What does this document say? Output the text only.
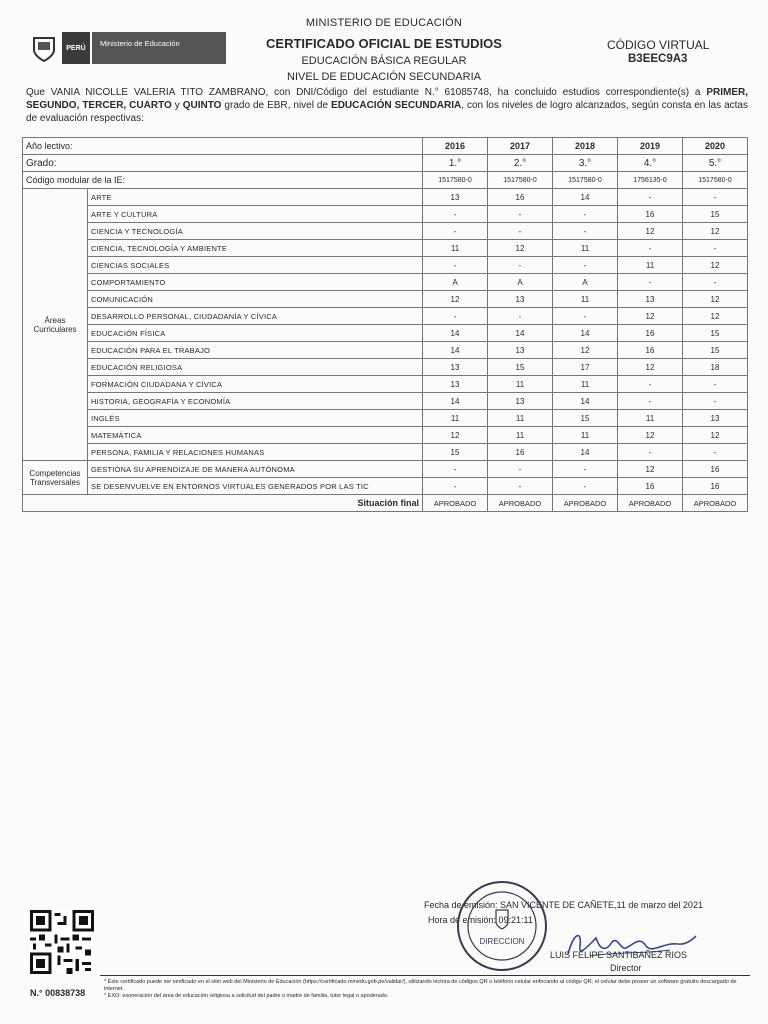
PERÚ	Ministerio de Educación
MINISTERIO DE EDUCACIÓN
CERTIFICADO OFICIAL DE ESTUDIOS
EDUCACIÓN BÁSICA REGULAR
NIVEL DE EDUCACIÓN SECUNDARIA
CÓDIGO VIRTUAL
B3EEC9A3
Que VANIA NICOLLE VALERIA TITO ZAMBRANO, con DNI/Código del estudiante N.° 61085748, ha concluido estudios correspondiente(s) a PRIMER, SEGUNDO, TERCER, CUARTO y QUINTO grado de EBR, nivel de EDUCACIÓN SECUNDARIA, con los niveles de logro alcanzados, según consta en las actas de evaluación respectivas:
Año lectivo:		2016	2017	2018	2019	2020
Grado:		1.°	2.°	3.°	4.°	5.°
Código modular de la IE:		1517580-0	1517580-0	1517580-0	1756135-0	1517580-0
Áreas Curriculares	ARTE	13	16	14	-	-
	ARTE Y CULTURA	-	-	-	16	15
	CIENCIA Y TECNOLOGÍA	-	-	-	12	12
	CIENCIA, TECNOLOGÍA Y AMBIENTE	11	12	11	-	-
	CIENCIAS SOCIALES	-	-	-	11	12
	COMPORTAMIENTO	A	A	A	-	-
	COMUNICACIÓN	12	13	11	13	12
	DESARROLLO PERSONAL, CIUDADANÍA Y CÍVICA	-	-	-	12	12
	EDUCACIÓN FÍSICA	14	14	14	16	15
	EDUCACIÓN PARA EL TRABAJO	14	13	12	16	15
	EDUCACIÓN RELIGIOSA	13	15	17	12	18
	FORMACIÓN CIUDADANA Y CÍVICA	13	11	11	-	-
	HISTORIA, GEOGRAFÍA Y ECONOMÍA	14	13	14	-	-
	INGLÉS	11	11	15	11	13
	MATEMÁTICA	12	11	11	12	12
	PERSONA, FAMILIA Y RELACIONES HUMANAS	15	16	14	-	-
Competencias Transversales	GESTIONA SU APRENDIZAJE DE MANERA AUTÓNOMA	-	-	-	12	16
	SE DESENVUELVE EN ENTORNOS VIRTUALES GENERADOS POR LAS TIC	-	-	-	16	16
Situación final		APROBADO	APROBADO	APROBADO	APROBADO	APROBADO
N.° 00838738
Fecha de emisión: SAN VICENTE DE CAÑETE,11 de marzo del 2021
Hora de emisión: 09:21:11
DIRECCION
LUIS FELIPE SANTIBAÑEZ RIOS
Director
* Este certificado puede ser verificado en el sitio web del Ministerio de Educación (https://certificado.minedu.gob.pe/validar/), utilizando lectora de códigos QR o teléfono celular enfocando al código QR; el celular debe poseer un software gratuito descargado de internet.
* EXO: exoneración del área de educación religiosa a solicitud del padre o madre de familia, tutor legal o apoderado.
